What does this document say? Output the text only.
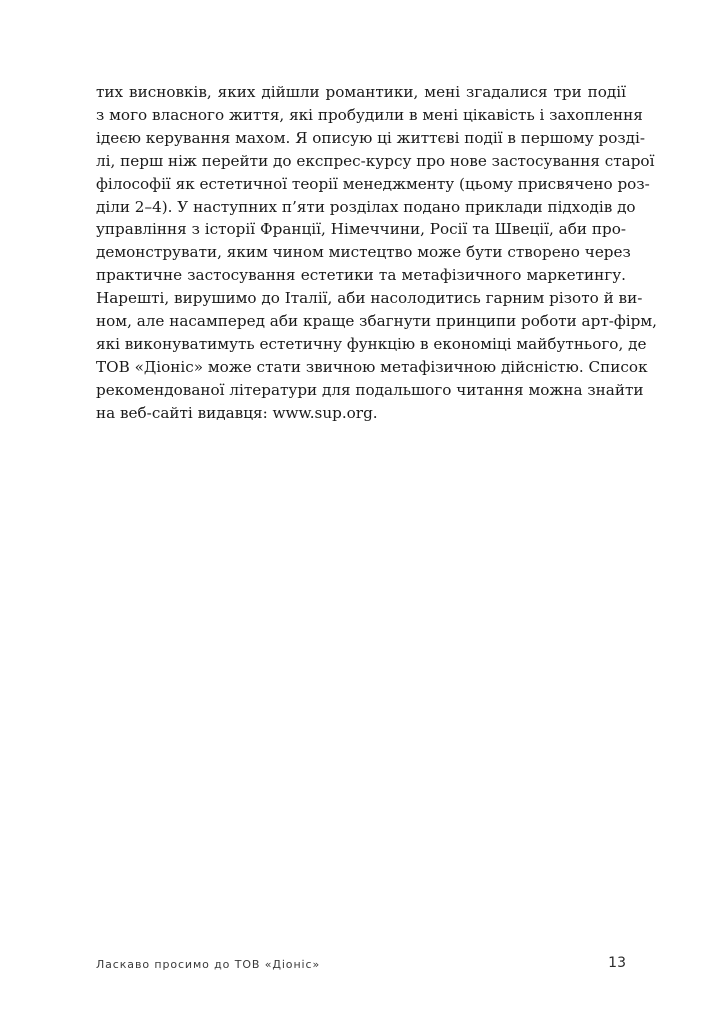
тих висновків, яких дійшли романтики, мені згадалися три події
з мого власного життя, які пробудили в мені цікавість і захоплення
ідеєю керування махом. Я описую ці життєві події в першому розді-
лі, перш ніж перейти до експрес-курсу про нове застосування старої
філософії як естетичної теорії менеджменту (цьому присвячено роз-
діли 2–4). У наступних п’яти розділах подано приклади підходів до
управління з історії Франції, Німеччини, Росії та Швеції, аби про-
демонструвати, яким чином мистецтво може бути створено через
практичне застосування естетики та метафізичного маркетингу.
Нарешті, вирушимо до Італії, аби насолодитись гарним різото й ви-
ном, але насамперед аби краще збагнути принципи роботи арт-фірм,
які виконуватимуть естетичну функцію в економіці майбутнього, де
ТОВ «Діоніс» може стати звичною метафізичною дійсністю. Список
рекомендованої літератури для подальшого читання можна знайти
на веб-сайті видавця: www.sup.org.
Ласкаво просимо до ТОВ «Діоніс»	13
